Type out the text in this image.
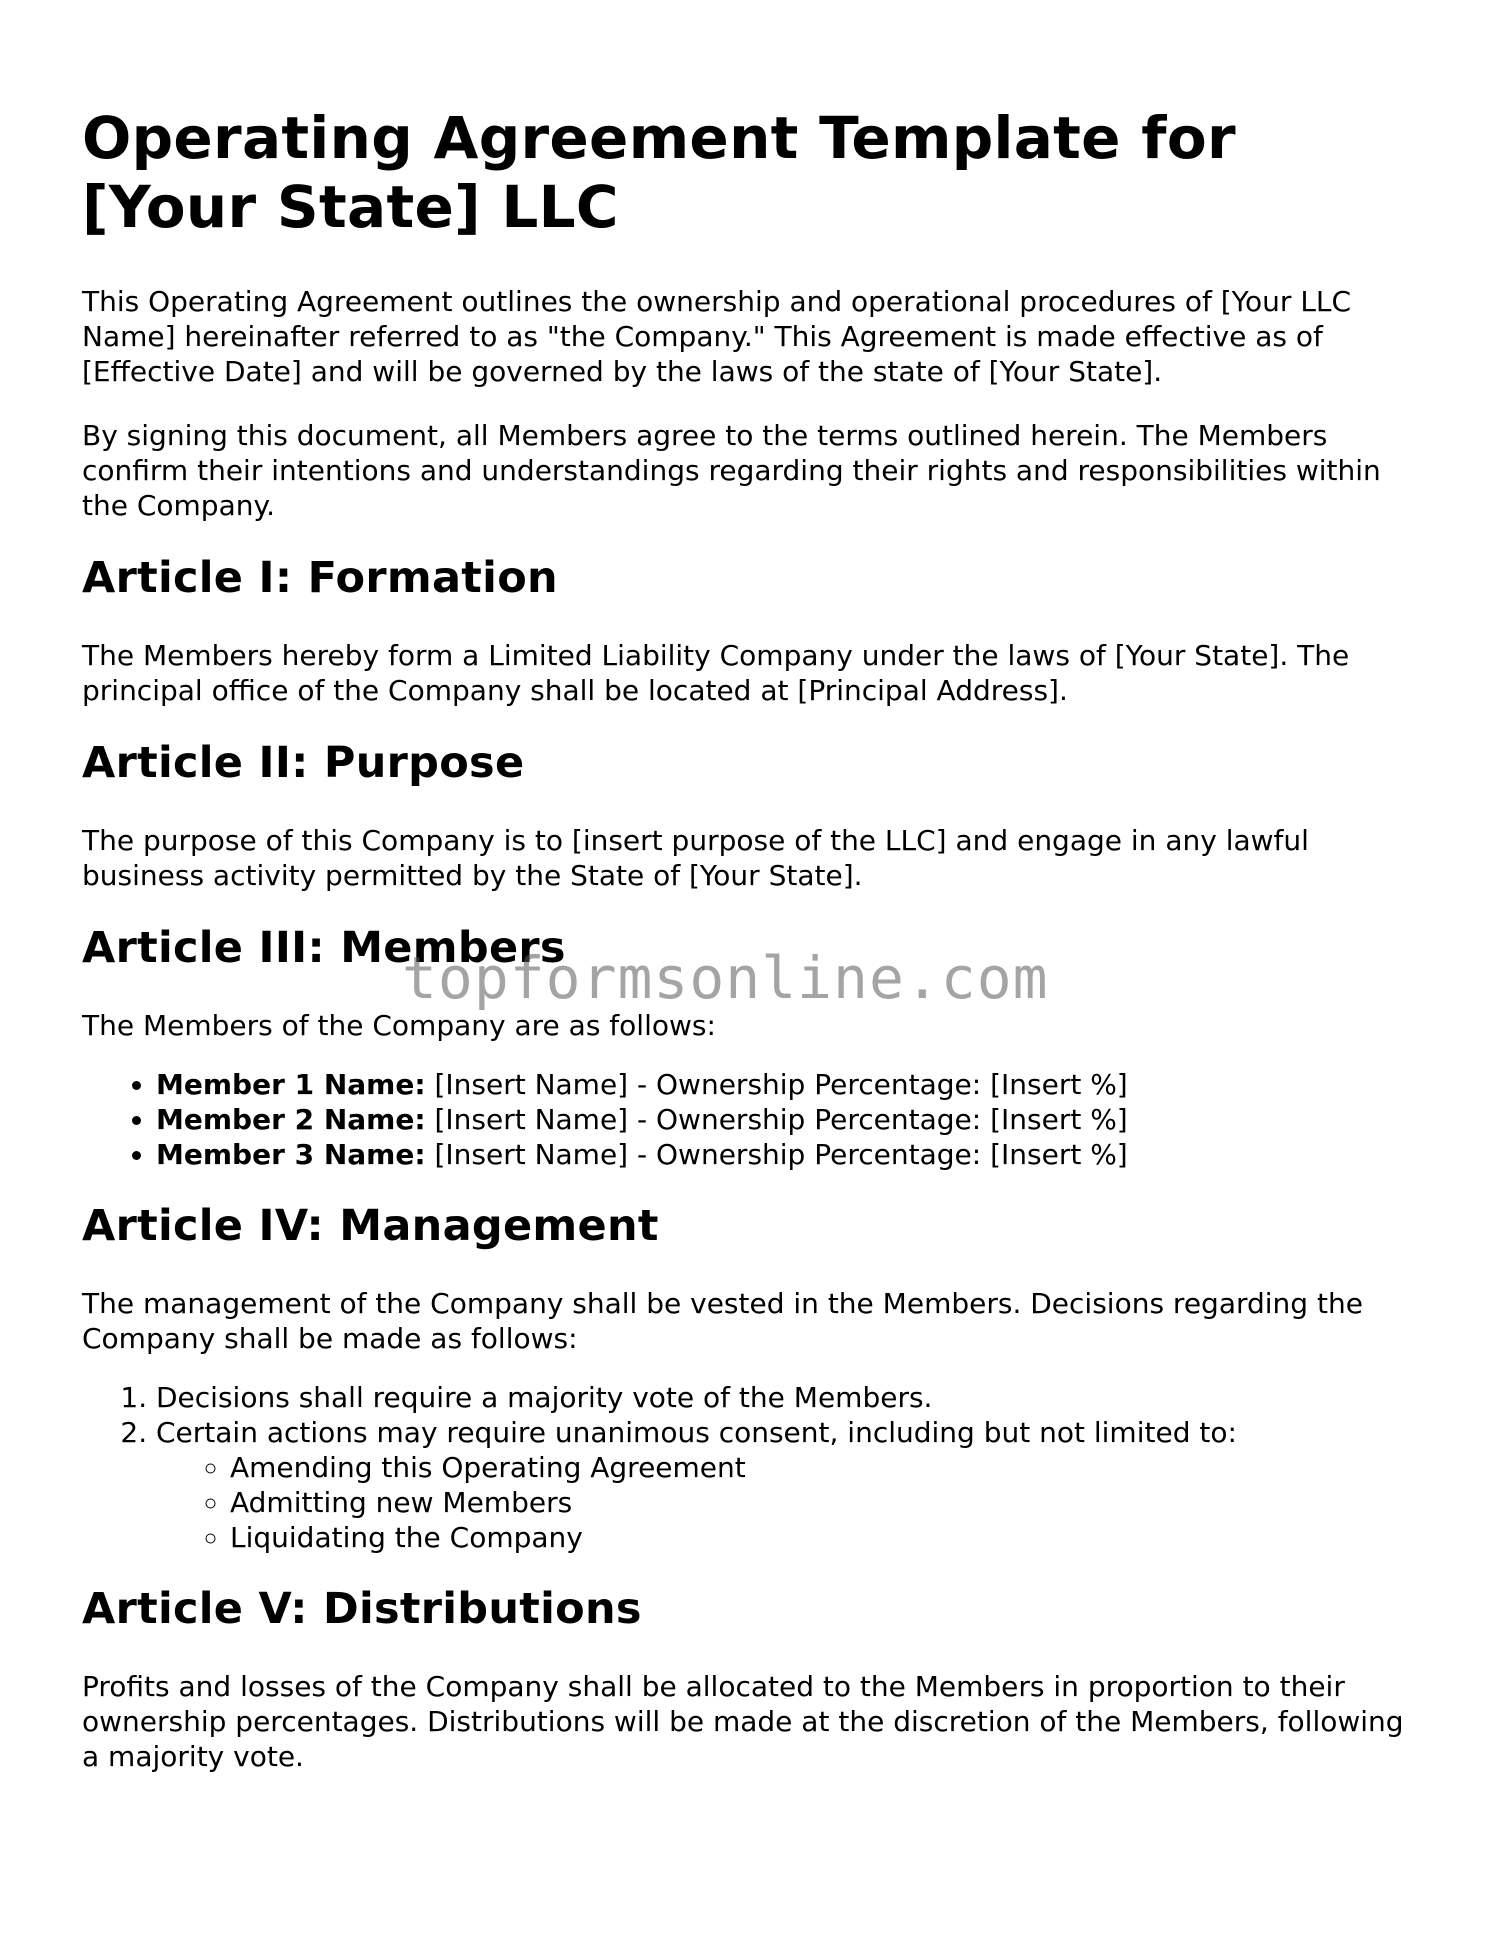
Operating Agreement Template for [Your State] LLC

This Operating Agreement outlines the ownership and operational procedures of [Your LLC Name] hereinafter referred to as "the Company." This Agreement is made effective as of [Effective Date] and will be governed by the laws of the state of [Your State].

By signing this document, all Members agree to the terms outlined herein. The Members confirm their intentions and understandings regarding their rights and responsibilities within the Company.

Article I: Formation

The Members hereby form a Limited Liability Company under the laws of [Your State]. The principal office of the Company shall be located at [Principal Address].

Article II: Purpose

The purpose of this Company is to [insert purpose of the LLC] and engage in any lawful business activity permitted by the State of [Your State].

Article III: Members

The Members of the Company are as follows:

• Member 1 Name: [Insert Name] - Ownership Percentage: [Insert %]
• Member 2 Name: [Insert Name] - Ownership Percentage: [Insert %]
• Member 3 Name: [Insert Name] - Ownership Percentage: [Insert %]
Article IV: Management

The management of the Company shall be vested in the Members. Decisions regarding the Company shall be made as follows:

1. Decisions shall require a majority vote of the Members.
2. Certain actions may require unanimous consent, including but not limited to:
◦ Amending this Operating Agreement
◦ Admitting new Members
◦ Liquidating the Company
Article V: Distributions

Profits and losses of the Company shall be allocated to the Members in proportion to their ownership percentages. Distributions will be made at the discretion of the Members, following a majority vote.

topformsonline.com
